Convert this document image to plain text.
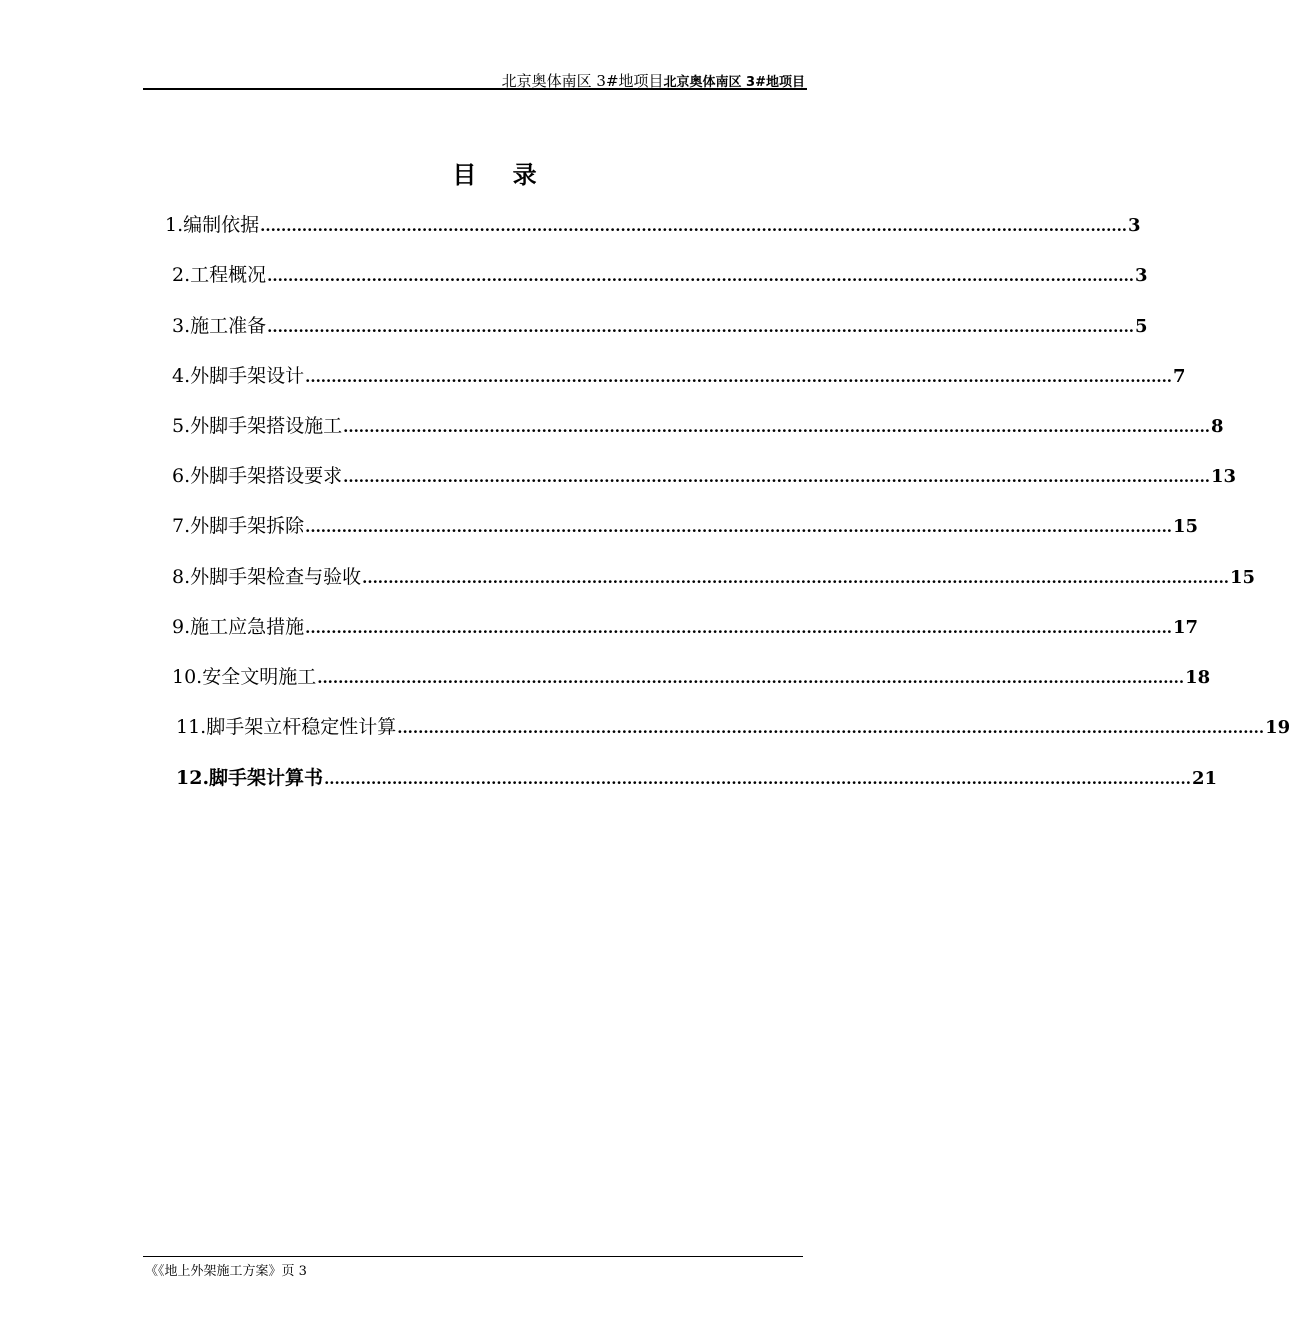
北京奥体南区 3#地项目北京奥体南区 3#地项目
目 录
1.编制依据 ...................................................................................................................................................................... 3
2.工程概况 ...................................................................................................................................................................... 3
3.施工准备 ...................................................................................................................................................................... 5
4.外脚手架设计 ...................................................................................................................................................................... 7
5.外脚手架搭设施工 ...................................................................................................................................................................... 8
6.外脚手架搭设要求 ...................................................................................................................................................................... 13
7.外脚手架拆除 ...................................................................................................................................................................... 15
8.外脚手架检查与验收 ...................................................................................................................................................................... 15
9.施工应急措施 ...................................................................................................................................................................... 17
10.安全文明施工 ...................................................................................................................................................................... 18
11.脚手架立杆稳定性计算 ...................................................................................................................................................................... 19
12.脚手架计算书 ...................................................................................................................................................................... 21
《《地上外架施工方案》页 3
